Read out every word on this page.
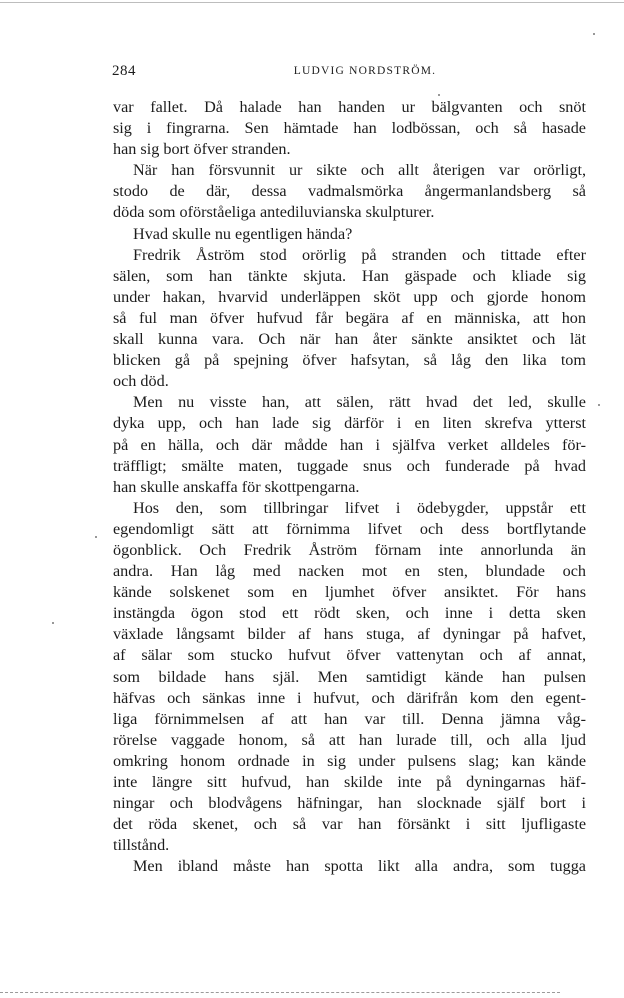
284	LUDVIG NORDSTRÖM.
var fallet. Då halade han handen ur bälgvanten och snöt
sig i fingrarna. Sen hämtade han lodbössan, och så hasade
han sig bort öfver stranden.
När han försvunnit ur sikte och allt återigen var orörligt,
stodo de där, dessa vadmalsmörka ångermanlandsberg så
döda som oförståeliga antediluvianska skulpturer.
Hvad skulle nu egentligen hända?
Fredrik Åström stod orörlig på stranden och tittade efter
sälen, som han tänkte skjuta. Han gäspade och kliade sig
under hakan, hvarvid underläppen sköt upp och gjorde honom
så ful man öfver hufvud får begära af en människa, att hon
skall kunna vara. Och när han åter sänkte ansiktet och lät
blicken gå på spejning öfver hafsytan, så låg den lika tom
och död.
Men nu visste han, att sälen, rätt hvad det led, skulle
dyka upp, och han lade sig därför i en liten skrefva ytterst
på en hälla, och där mådde han i själfva verket alldeles för-
träffligt; smälte maten, tuggade snus och funderade på hvad
han skulle anskaffa för skottpengarna.
Hos den, som tillbringar lifvet i ödebygder, uppstår ett
egendomligt sätt att förnimma lifvet och dess bortflytande
ögonblick. Och Fredrik Åström förnam inte annorlunda än
andra. Han låg med nacken mot en sten, blundade och
kände solskenet som en ljumhet öfver ansiktet. För hans
instängda ögon stod ett rödt sken, och inne i detta sken
växlade långsamt bilder af hans stuga, af dyningar på hafvet,
af sälar som stucko hufvut öfver vattenytan och af annat,
som bildade hans själ. Men samtidigt kände han pulsen
häfvas och sänkas inne i hufvut, och därifrån kom den egent-
liga förnimmelsen af att han var till. Denna jämna våg-
rörelse vaggade honom, så att han lurade till, och alla ljud
omkring honom ordnade in sig under pulsens slag; kan kände
inte längre sitt hufvud, han skilde inte på dyningarnas häf-
ningar och blodvågens häfningar, han slocknade själf bort i
det röda skenet, och så var han försänkt i sitt ljufligaste
tillstånd.
Men ibland måste han spotta likt alla andra, som tugga
